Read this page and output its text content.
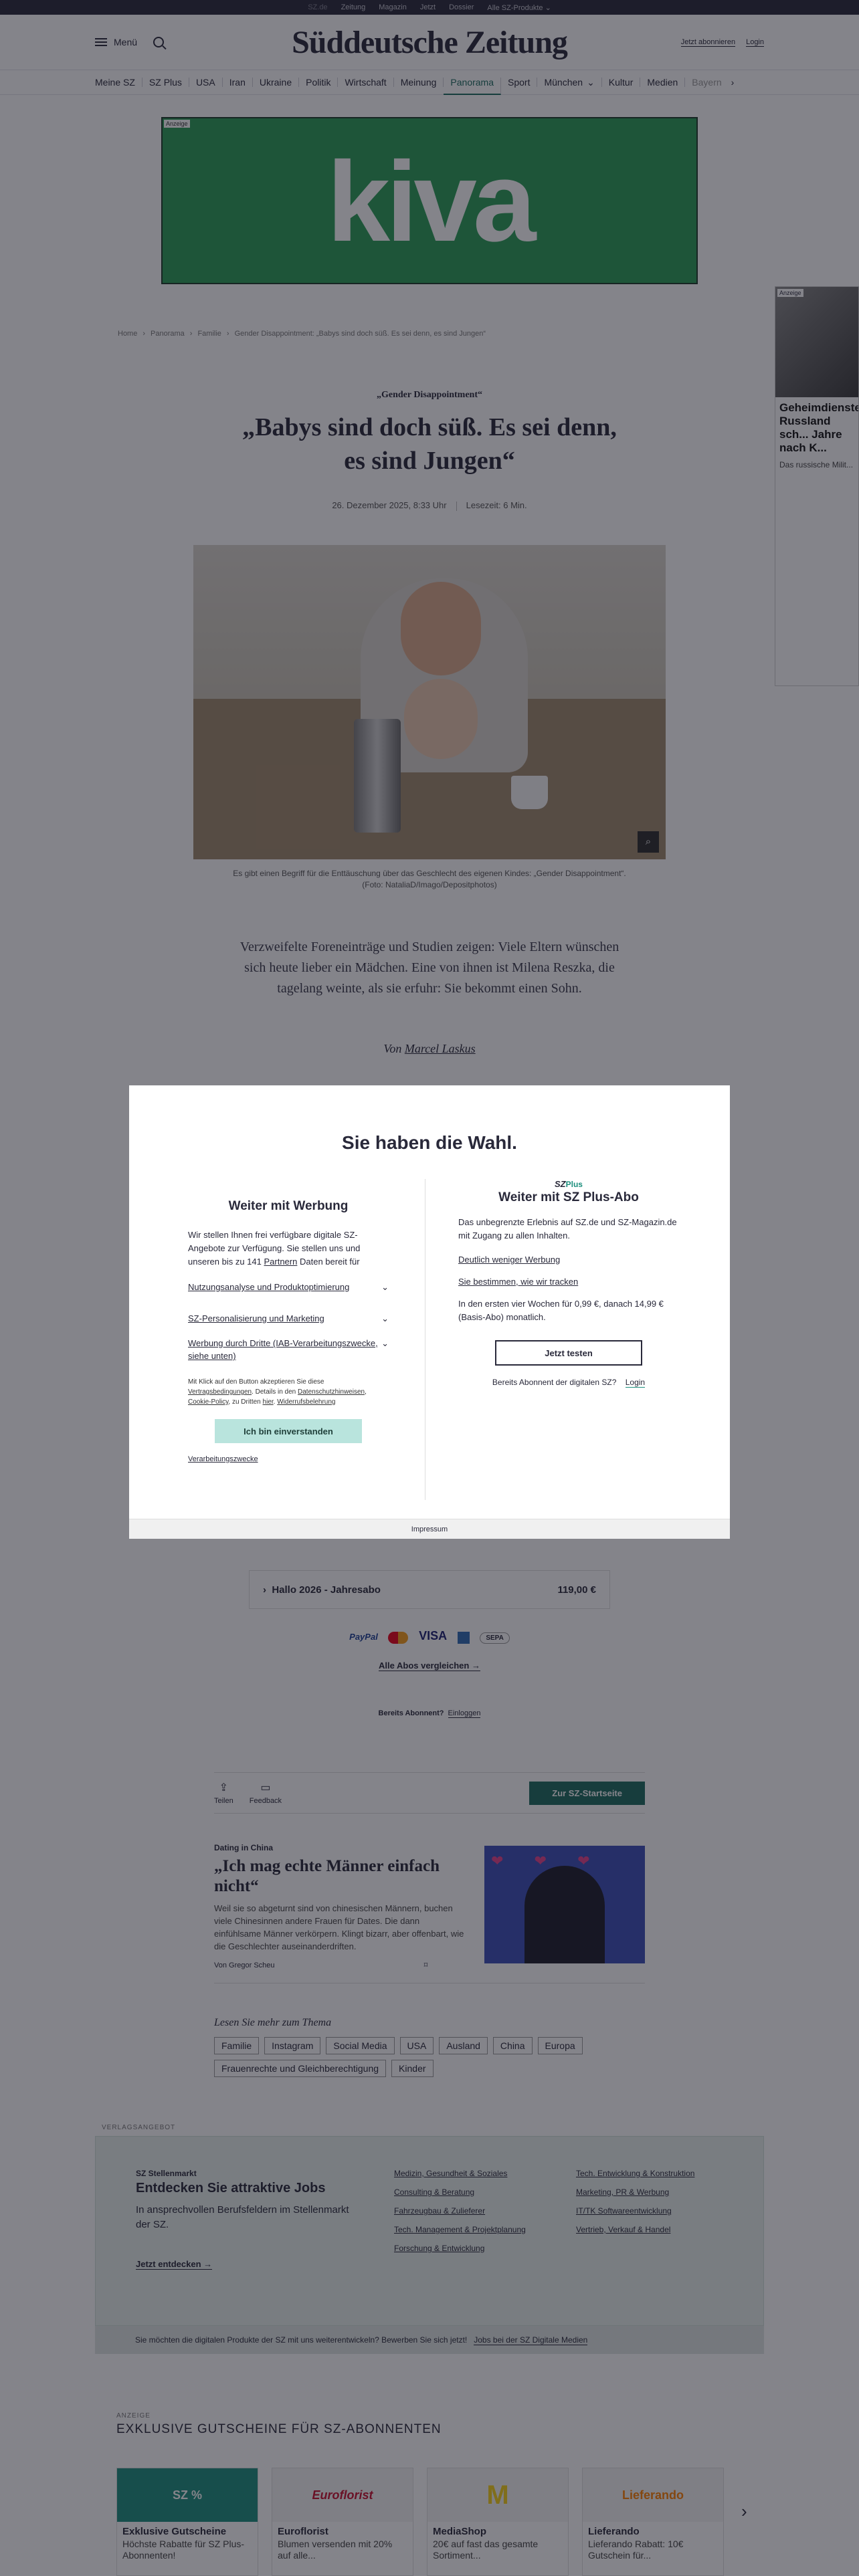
❤ ❤ ❤
Sie haben die Wahl.
Weiter mit Werbung
Wir stellen Ihnen frei verfügbare digitale SZ-Angebote zur Verfügung. Sie stellen uns und unseren bis zu 141 Partnern Daten bereit für
Nutzungsanalyse und Produktoptimierung	⌄
SZ-Personalisierung und Marketing	⌄
Werbung durch Dritte (IAB-Verarbeitungszwecke, siehe unten)
⌄
Mit Klick auf den Button akzeptieren Sie diese Vertragsbedingungen. Details in den Datenschutzhinweisen, Cookie-Policy, zu Dritten hier. Widerrufsbelehrung
Ich bin einverstanden
Verarbeitungszwecke
SZPlus
Weiter mit SZ Plus-Abo
Das unbegrenzte Erlebnis auf SZ.de und SZ-Magazin.de mit Zugang zu allen Inhalten.
Deutlich weniger Werbung
Sie bestimmen, wie wir tracken
In den ersten vier Wochen für 0,99 €, danach 14,99 € (Basis-Abo) monatlich.
Jetzt testen
Bereits Abonnent der digitalen SZ? Login
Impressum
